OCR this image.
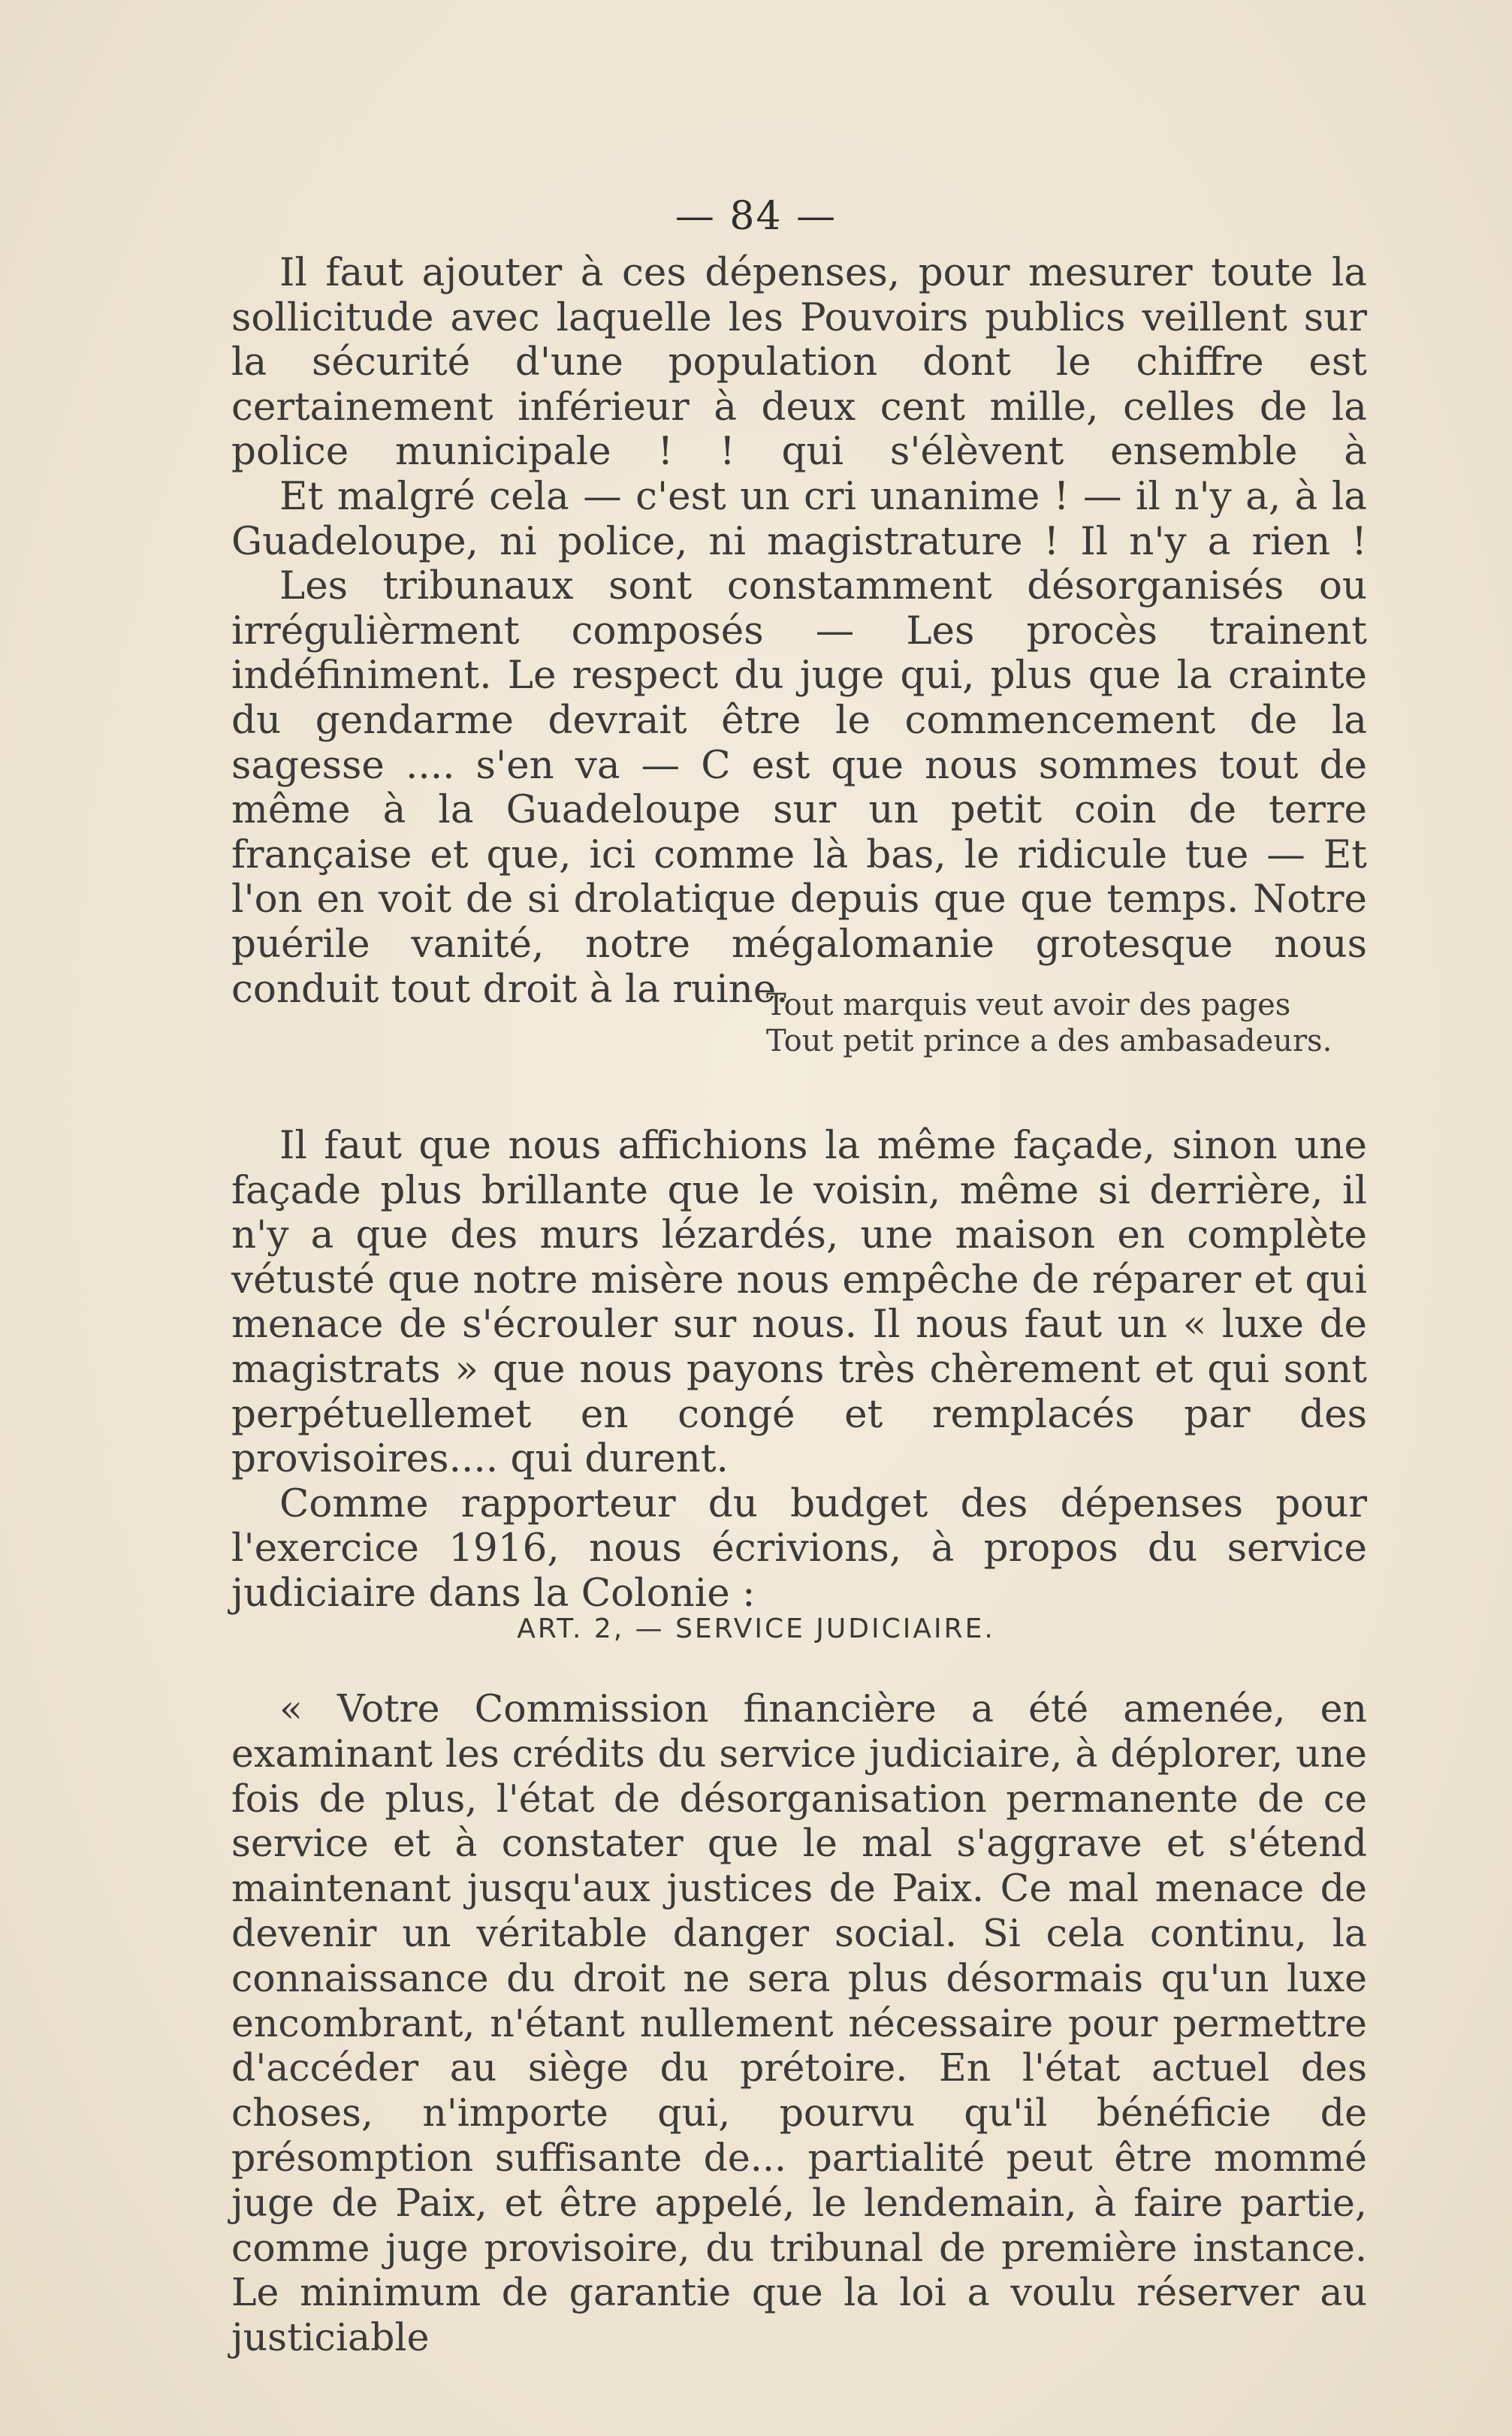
— 84 —

Il faut ajouter à ces dépenses, pour mesurer toute la sollicitude avec laquelle les Pouvoirs publics veillent sur la sécurité d'une population dont le chiffre est certainement inférieur à deux cent mille, celles de la police municipale ! ! qui s'élèvent ensemble à

Et malgré cela — c'est un cri unanime ! — il n'y a, à la Guadeloupe, ni police, ni magistrature ! Il n'y a rien !

Les tribunaux sont constamment désorganisés ou irrégulièrment composés — Les procès trainent indéfiniment. Le respect du juge qui, plus que la crainte du gendarme devrait être le commencement de la sagesse .... s'en va — C est que nous sommes tout de même à la Guadeloupe sur un petit coin de terre française et que, ici comme là bas, le ridicule tue — Et l'on en voit de si drolatique depuis que que temps. Notre puérile vanité, notre mégalomanie grotesque nous conduit tout droit à la ruine.

Tout marquis veut avoir des pages
Tout petit prince a des ambasadeurs.

Il faut que nous affichions la même façade, sinon une façade plus brillante que le voisin, même si derrière, il n'y a que des murs lézardés, une maison en complète vétusté que notre misère nous empêche de réparer et qui menace de s'écrouler sur nous. Il nous faut un « luxe de magistrats » que nous payons très chèrement et qui sont perpétuellemet en congé et remplacés par des provisoires.... qui durent.

Comme rapporteur du budget des dépenses pour l'exercice 1916, nous écrivions, à propos du service judiciaire dans la Colonie :

ART. 2, — SERVICE JUDICIAIRE.

« Votre Commission financière a été amenée, en examinant les crédits du service judiciaire, à déplorer, une fois de plus, l'état de désorganisation permanente de ce service et à constater que le mal s'aggrave et s'étend maintenant jusqu'aux justices de Paix. Ce mal menace de devenir un véritable danger social. Si cela continu, la connaissance du droit ne sera plus désormais qu'un luxe encombrant, n'étant nullement nécessaire pour permettre d'accéder au siège du prétoire. En l'état actuel des choses, n'importe qui, pourvu qu'il bénéficie de présomption suffisante de... partialité peut être mommé juge de Paix, et être appelé, le lendemain, à faire partie, comme juge provisoire, du tribunal de première instance. Le minimum de garantie que la loi a voulu réserver au justiciable
